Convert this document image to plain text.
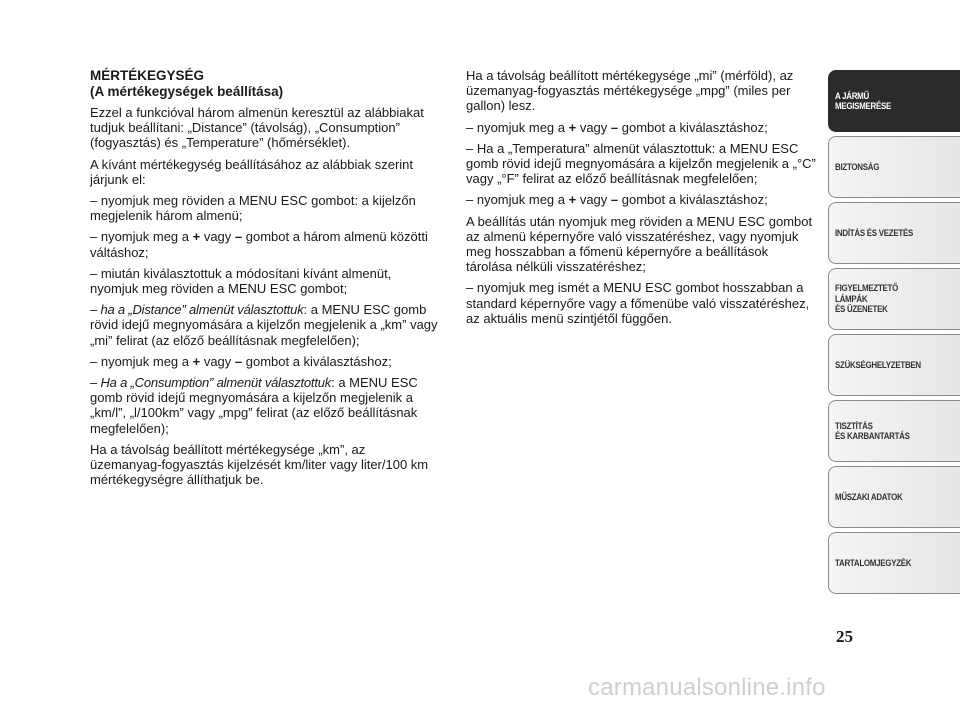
MÉRTÉKEGYSÉG
(A mértékegységek beállítása)

Ezzel a funkcióval három almenün keresztül az alábbiakat tudjuk beállítani: „Distance” (távolság), „Consumption” (fogyasztás) és „Temperature” (hőmérséklet).

A kívánt mértékegység beállításához az alábbiak szerint járjunk el:

– nyomjuk meg röviden a MENU ESC gombot: a kijelzőn megjelenik három almenü;

– nyomjuk meg a + vagy – gombot a három almenü közötti váltáshoz;

– miután kiválasztottuk a módosítani kívánt almenüt, nyomjuk meg röviden a MENU ESC gombot;

– ha a „Distance” almenüt választottuk: a MENU ESC gomb rövid idejű megnyomására a kijelzőn megjelenik a „km” vagy „mi” felirat (az előző beállításnak megfelelően);

– nyomjuk meg a + vagy – gombot a kiválasztáshoz;

– Ha a „Consumption” almenüt választottuk: a MENU ESC gomb rövid idejű megnyomására a kijelzőn megjelenik a „km/l”, „l/100km” vagy „mpg” felirat (az előző beállításnak megfelelően);

Ha a távolság beállított mértékegysége „km”, az üzemanyag-fogyasztás kijelzését km/liter vagy liter/100 km mértékegységre állíthatjuk be.

Ha a távolság beállított mértékegysége „mi” (mérföld), az üzemanyag-fogyasztás mértékegysége „mpg” (miles per gallon) lesz.

– nyomjuk meg a + vagy – gombot a kiválasztáshoz;

– Ha a „Temperatura” almenüt választottuk: a MENU ESC gomb rövid idejű megnyomására a kijelzőn megjelenik a „°C” vagy „°F” felirat az előző beállításnak megfelelően;

– nyomjuk meg a + vagy – gombot a kiválasztáshoz;

A beállítás után nyomjuk meg röviden a MENU ESC gombot az almenü képernyőre való visszatéréshez, vagy nyomjuk meg hosszabban a főmenü képernyőre a beállítások tárolása nélküli visszatéréshez;

– nyomjuk meg ismét a MENU ESC gombot hosszabban a standard képernyőre vagy a főmenübe való visszatéréshez, az aktuális menü szintjétől függően.

A JÁRMŰ
MEGISMERÉSE
BIZTONSÁG
INDÍTÁS ÉS VEZETÉS
FIGYELMEZTETŐ
LÁMPÁK
ÉS ÜZENETEK
SZÜKSÉGHELYZETBEN
TISZTÍTÁS
ÉS KARBANTARTÁS
MŰSZAKI ADATOK
TARTALOMJEGYZÉK
25
carmanualsonline.info
